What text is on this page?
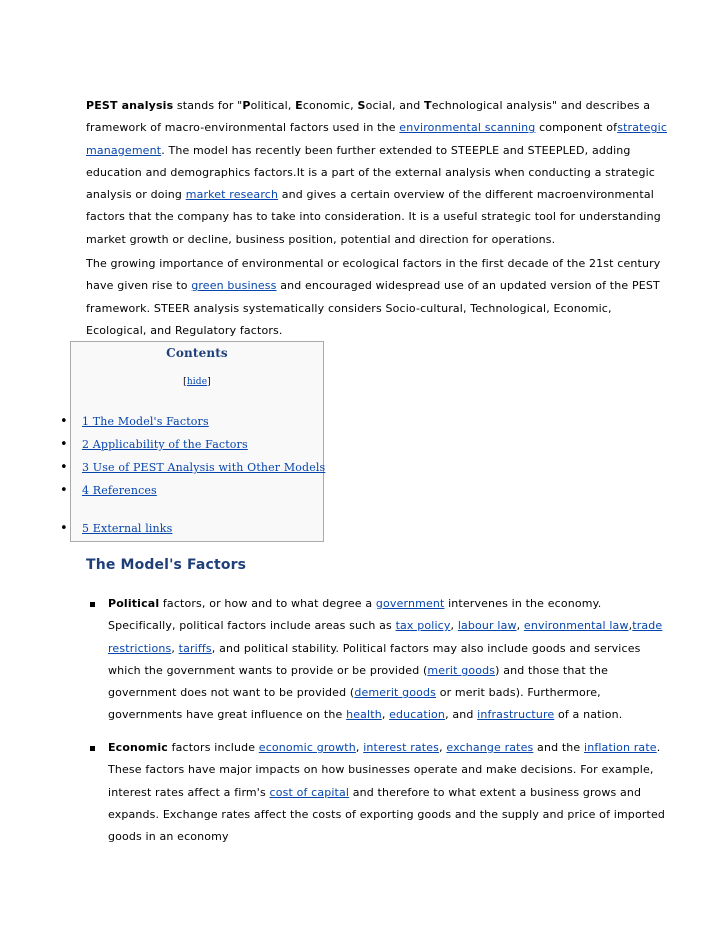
PEST analysis stands for "Political, Economic, Social, and Technological analysis" and describes a
framework of macro-environmental factors used in the environmental scanning component ofstrategic
management. The model has recently been further extended to STEEPLE and STEEPLED, adding
education and demographics factors.It is a part of the external analysis when conducting a strategic
analysis or doing market research and gives a certain overview of the different macroenvironmental
factors that the company has to take into consideration. It is a useful strategic tool for understanding
market growth or decline, business position, potential and direction for operations.
The growing importance of environmental or ecological factors in the first decade of the 21st century
have given rise to green business and encouraged widespread use of an updated version of the PEST
framework. STEER analysis systematically considers Socio-cultural, Technological, Economic,
Ecological, and Regulatory factors.
Contents
[hide]
• 1 The Model's Factors
• 2 Applicability of the Factors
• 3 Use of PEST Analysis with Other Models
• 4 References
• 5 External links
The Model's Factors
Political factors, or how and to what degree a government intervenes in the economy.
Specifically, political factors include areas such as tax policy, labour law, environmental law,trade
restrictions, tariffs, and political stability. Political factors may also include goods and services
which the government wants to provide or be provided (merit goods) and those that the
government does not want to be provided (demerit goods or merit bads). Furthermore,
governments have great influence on the health, education, and infrastructure of a nation.
Economic factors include economic growth, interest rates, exchange rates and the inflation rate.
These factors have major impacts on how businesses operate and make decisions. For example,
interest rates affect a firm's cost of capital and therefore to what extent a business grows and
expands. Exchange rates affect the costs of exporting goods and the supply and price of imported
goods in an economy
